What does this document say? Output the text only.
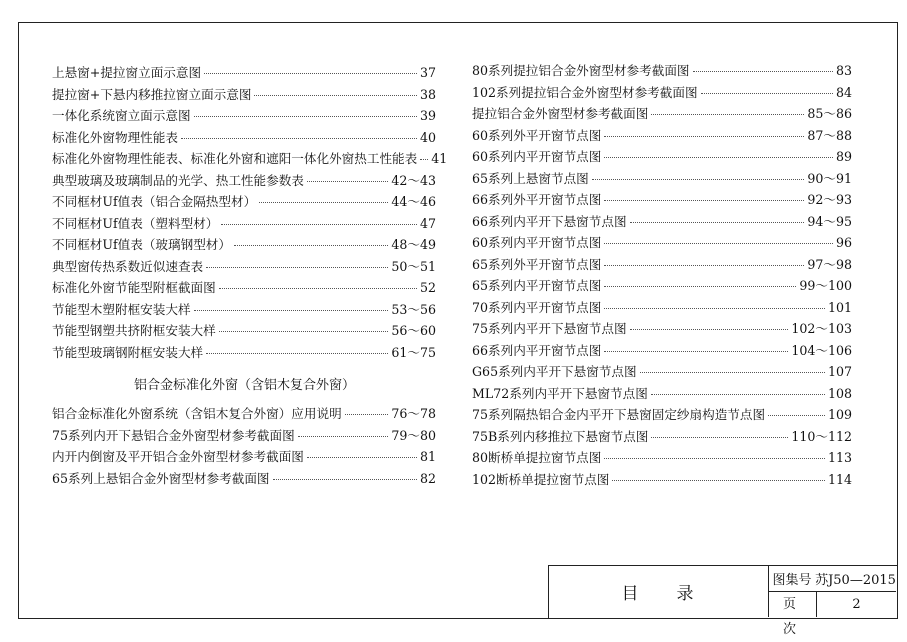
上悬窗+提拉窗立面示意图	37
提拉窗+下悬内移推拉窗立面示意图	38
一体化系统窗立面示意图	39
标准化外窗物理性能表	40
标准化外窗物理性能表、标准化外窗和遮阳一体化外窗热工性能表 41
典型玻璃及玻璃制品的光学、热工性能参数表	42～43
不同框材Uf值表（铝合金隔热型材）	44～46
不同框材Uf值表（塑料型材）	47
不同框材Uf值表（玻璃钢型材）	48～49
典型窗传热系数近似速查表	50～51
标准化外窗节能型附框截面图	52
节能型木塑附框安装大样	53～56
节能型钢塑共挤附框安装大样	56～60
节能型玻璃钢附框安装大样	61～75
铝合金标准化外窗（含铝木复合外窗）
铝合金标准化外窗系统（含铝木复合外窗）应用说明	76～78
75系列内开下悬铝合金外窗型材参考截面图	79～80
内开内倒窗及平开铝合金外窗型材参考截面图	81
65系列上悬铝合金外窗型材参考截面图	82
80系列提拉铝合金外窗型材参考截面图	83
102系列提拉铝合金外窗型材参考截面图	84
提拉铝合金外窗型材参考截面图	85～86
60系列外平开窗节点图	87～88
60系列内平开窗节点图	89
65系列上悬窗节点图	90～91
66系列外平开窗节点图	92～93
66系列内平开下悬窗节点图	94～95
60系列内平开窗节点图	96
65系列外平开窗节点图	97～98
65系列内平开窗节点图	99～100
70系列内平开窗节点图	101
75系列内平开下悬窗节点图	102～103
66系列内平开窗节点图	104～106
G65系列内平开下悬窗节点图	107
ML72系列内平开下悬窗节点图	108
75系列隔热铝合金内平开下悬窗固定纱扇构造节点图	109
75B系列内移推拉下悬窗节点图	110～112
80断桥单提拉窗节点图	113
102断桥单提拉窗节点图	114
目录
图集号 苏J50—2015
页次
2
